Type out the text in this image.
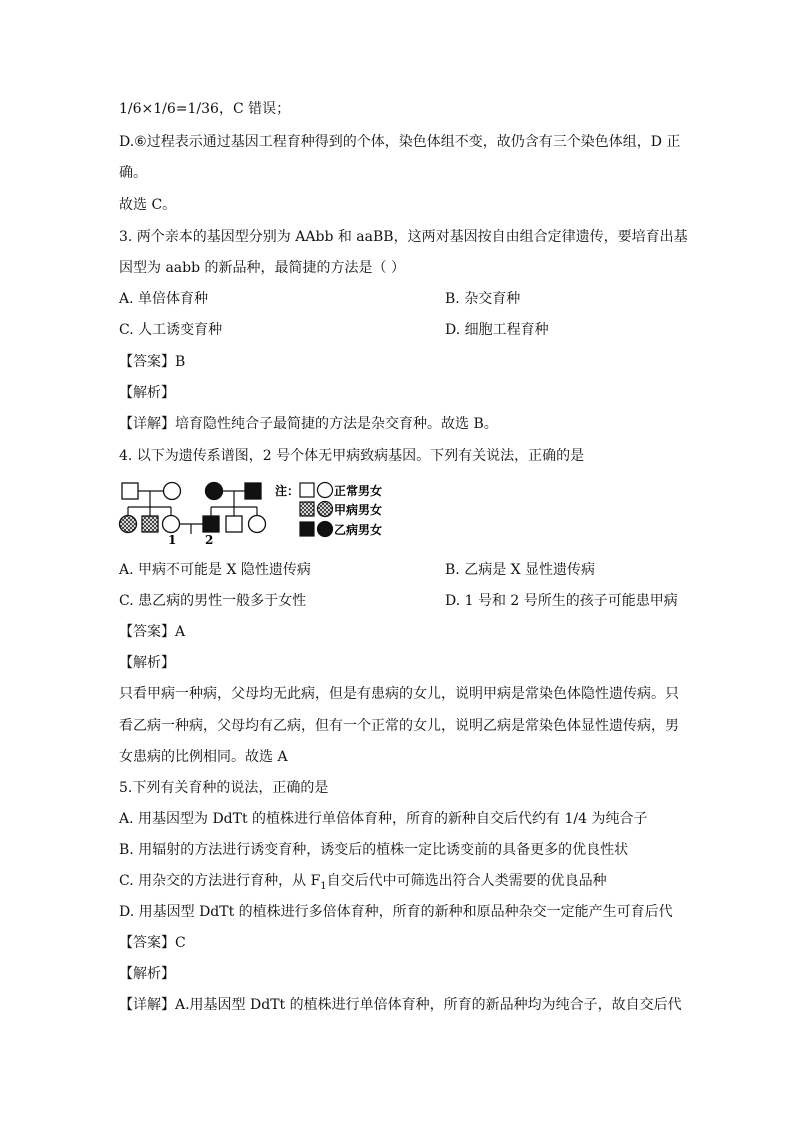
1/6×1/6=1/36，C 错误；
D.⑥过程表示通过基因工程育种得到的个体，染色体组不变，故仍含有三个染色体组，D 正
确。
故选 C。
3. 两个亲本的基因型分别为 AAbb 和 aaBB，这两对基因按自由组合定律遗传，要培育出基
因型为 aabb 的新品种，最简捷的方法是（ ）
A. 单倍体育种	B. 杂交育种
C. 人工诱变育种	D. 细胞工程育种
【答案】B
【解析】
【详解】培育隐性纯合子最简捷的方法是杂交育种。故选 B。
4. 以下为遗传系谱图，2 号个体无甲病致病基因。下列有关说法，正确的是
1 2
注：	正常男女
甲病男女
乙病男女
A. 甲病不可能是 X 隐性遗传病	B. 乙病是 X 显性遗传病
C. 患乙病的男性一般多于女性	D. 1 号和 2 号所生的孩子可能患甲病
【答案】A
【解析】
只看甲病一种病，父母均无此病，但是有患病的女儿，说明甲病是常染色体隐性遗传病。只
看乙病一种病，父母均有乙病，但有一个正常的女儿，说明乙病是常染色体显性遗传病，男
女患病的比例相同。故选 A
5.下列有关育种的说法，正确的是
A. 用基因型为 DdTt 的植株进行单倍体育种，所育的新种自交后代约有 1/4 为纯合子
B. 用辐射的方法进行诱变育种，诱变后的植株一定比诱变前的具备更多的优良性状
C. 用杂交的方法进行育种，从 $F_1$自交后代中可筛选出符合人类需要的优良品种
D. 用基因型 DdTt 的植株进行多倍体育种，所育的新种和原品种杂交一定能产生可育后代
【答案】C
【解析】
【详解】A.用基因型 DdTt 的植株进行单倍体育种，所育的新品种均为纯合子，故自交后代
